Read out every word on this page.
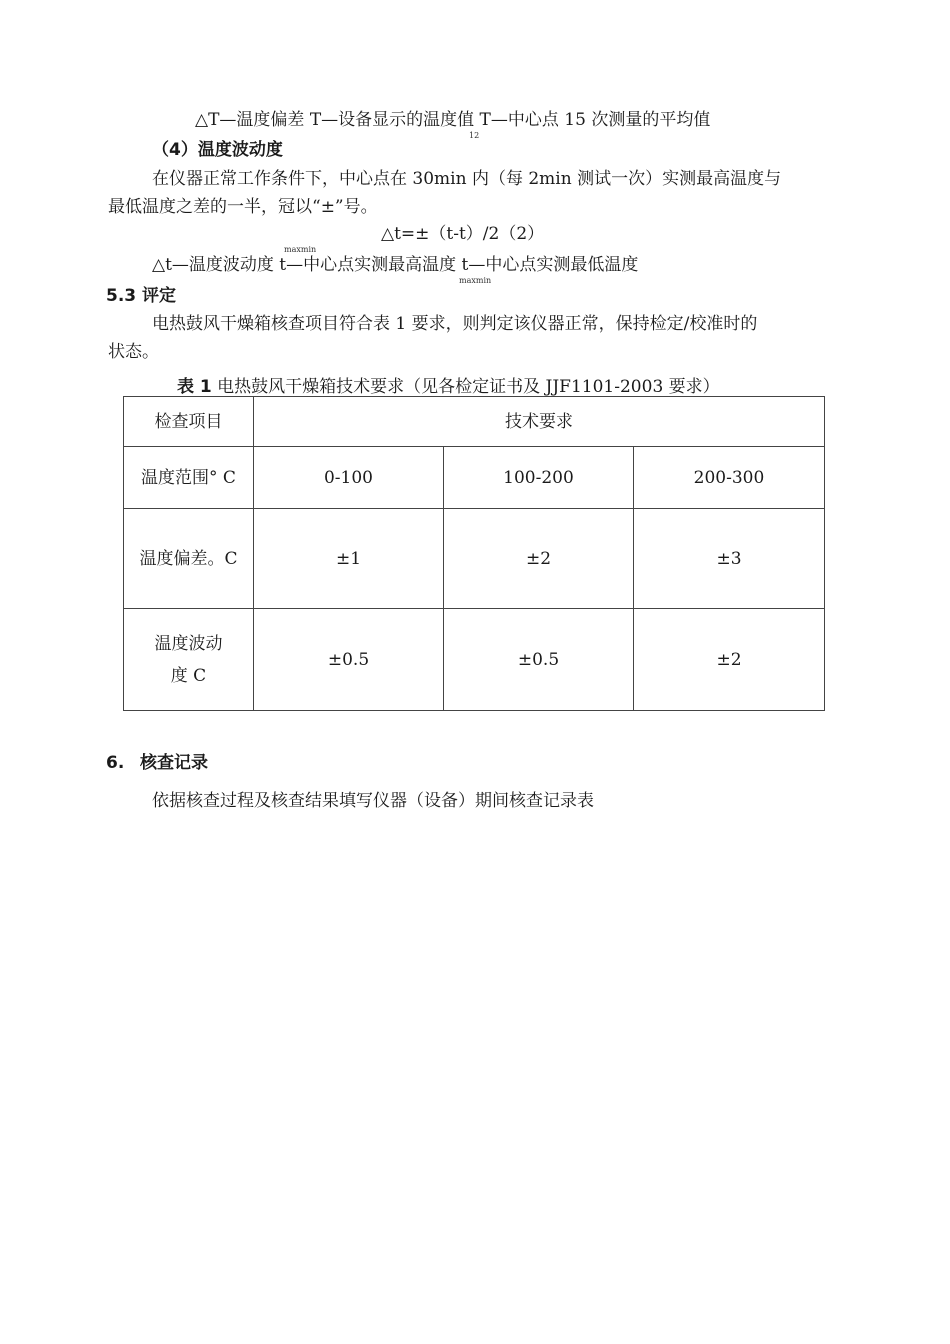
△T—温度偏差 T—设备显示的温度值 T—中心点 15 次测量的平均值
12
（4）温度波动度
在仪器正常工作条件下，中心点在 30min 内（每 2min 测试一次）实测最高温度与
最低温度之差的一半，冠以“±”号。
△t=±（t-t）/2（2）
maxmin
△t—温度波动度 t—中心点实测最高温度 t—中心点实测最低温度
maxmin
5.3 评定
电热鼓风干燥箱核查项目符合表 1 要求，则判定该仪器正常，保持检定/校准时的
状态。
表 1 电热鼓风干燥箱技术要求（见各检定证书及 JJF1101-2003 要求）
检查项目	技术要求		
温度范围° C	0-100	100-200	200-300
温度偏差。C	±1	±2	±3

温度波动
度 C	±0.5	±0.5	±2
6. 核查记录
依据核查过程及核查结果填写仪器（设备）期间核查记录表
